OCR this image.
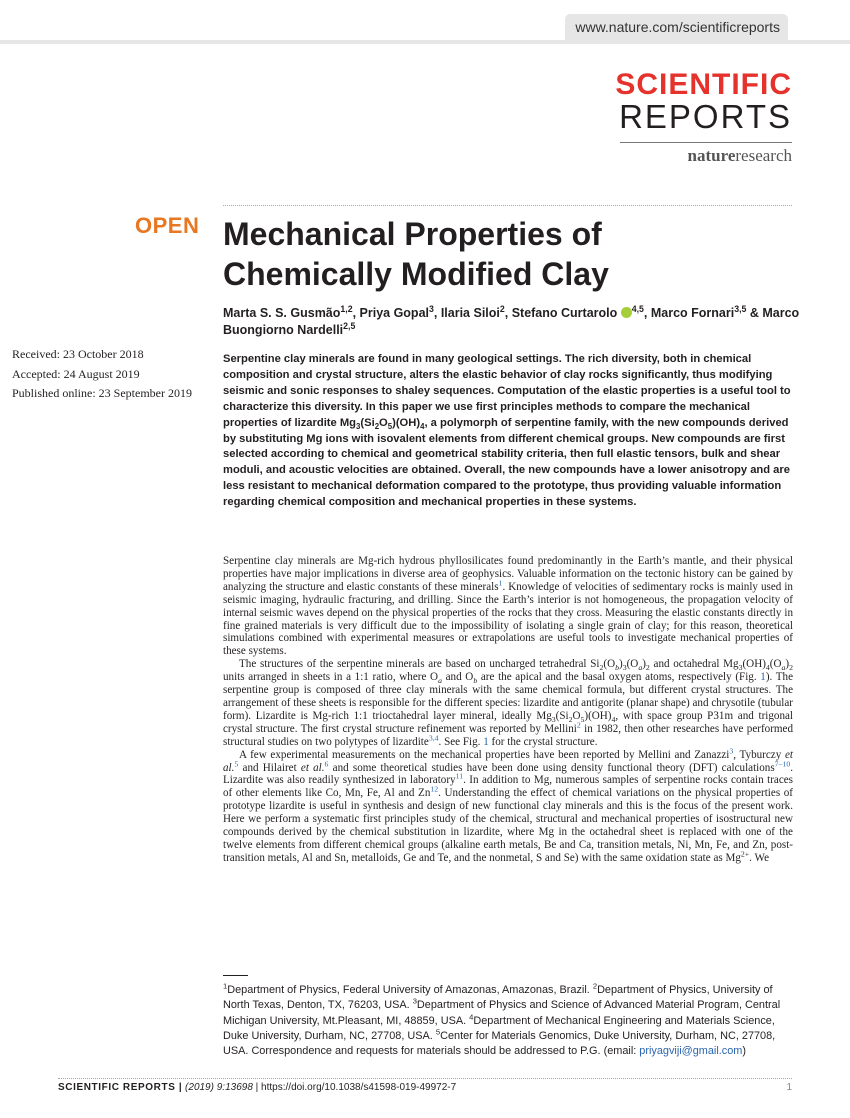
www.nature.com/scientificreports
SCIENTIFIC
REPORTS
natureresearch
OPEN Mechanical Properties of Chemically Modified Clay
Marta S. S. Gusmão$^{1,2}$, Priya Gopal$^3$, Ilaria Siloi$^2$, Stefano Curtarolo $^{4,5}$, Marco Fornari$^{3,5}$ & Marco Buongiorno Nardelli$^{2,5}$
Received: 23 October 2018
Accepted: 24 August 2019
Published online: 23 September 2019
Serpentine clay minerals are found in many geological settings. The rich diversity, both in chemical composition and crystal structure, alters the elastic behavior of clay rocks significantly, thus modifying seismic and sonic responses to shaley sequences. Computation of the elastic properties is a useful tool to characterize this diversity. In this paper we use first principles methods to compare the mechanical properties of lizardite $Mg_3(Si_2O_5)(OH)_4$, a polymorph of serpentine family, with the new compounds derived by substituting Mg ions with isovalent elements from different chemical groups. New compounds are first selected according to chemical and geometrical stability criteria, then full elastic tensors, bulk and shear moduli, and acoustic velocities are obtained. Overall, the new compounds have a lower anisotropy and are less resistant to mechanical deformation compared to the prototype, thus providing valuable information regarding chemical composition and mechanical properties in these systems.

Serpentine clay minerals are Mg-rich hydrous phyllosilicates found predominantly in the Earth’s mantle, and their physical properties have major implications in diverse area of geophysics. Valuable information on the tectonic history can be gained by analyzing the structure and elastic constants of these minerals$^1$. Knowledge of velocities of sedimentary rocks is mainly used in seismic imaging, hydraulic fracturing, and drilling. Since the Earth’s interior is not homogeneous, the propagation velocity of internal seismic waves depend on the physical properties of the rocks that they cross. Measuring the elastic constants directly in fine grained materials is very difficult due to the impossibility of isolating a single grain of clay; for this reason, theoretical simulations combined with experimental measures or extrapolations are useful tools to investigate mechanical properties of these systems.

The structures of the serpentine minerals are based on uncharged tetrahedral $Si_2(O_b)_3(O_a)_2$ and octahedral $Mg_3(OH)_4(O_a)_2$ units arranged in sheets in a 1:1 ratio, where $O_a$ and $O_b$ are the apical and the basal oxygen atoms, respectively (Fig. 1). The serpentine group is composed of three clay minerals with the same chemical formula, but different crystal structures. The arrangement of these sheets is responsible for the different species: lizardite and antigorite (planar shape) and chrysotile (tubular form). Lizardite is Mg-rich 1:1 trioctahedral layer mineral, ideally $Mg_3(Si_2O_5)(OH)_4$, with space group P31m and trigonal crystal structure. The first crystal structure refinement was reported by Mellini$^2$ in 1982, then other researches have performed structural studies on two polytypes of lizardite$^{3,4}$. See Fig. 1 for the crystal structure.

A few experimental measurements on the mechanical properties have been reported by Mellini and Zanazzi$^3$, Tyburczy et al.$^5$ and Hilairet et al.$^6$ and some theoretical studies have been done using density functional theory (DFT) calculations$^{7-10}$. Lizardite was also readily synthesized in laboratory$^{11}$. In addition to Mg, numerous samples of serpentine rocks contain traces of other elements like Co, Mn, Fe, Al and Zn$^{12}$. Understanding the effect of chemical variations on the physical properties of prototype lizardite is useful in synthesis and design of new functional clay minerals and this is the focus of the present work. Here we perform a systematic first principles study of the chemical, structural and mechanical properties of isostructural new compounds derived by the chemical substitution in lizardite, where Mg in the octahedral sheet is replaced with one of the twelve elements from different chemical groups (alkaline earth metals, Be and Ca, transition metals, Ni, Mn, Fe, and Zn, post-transition metals, Al and Sn, metalloids, Ge and Te, and the nonmetal, S and Se) with the same oxidation state as $Mg^{2+}$. We

$^1$Department of Physics, Federal University of Amazonas, Amazonas, Brazil. $^2$Department of Physics, University of North Texas, Denton, TX, 76203, USA. $^3$Department of Physics and Science of Advanced Material Program, Central Michigan University, Mt.Pleasant, MI, 48859, USA. $^4$Department of Mechanical Engineering and Materials Science, Duke University, Durham, NC, 27708, USA. $^5$Center for Materials Genomics, Duke University, Durham, NC, 27708, USA. Correspondence and requests for materials should be addressed to P.G. (email: priyagviji@gmail.com)
SCIENTIFIC REPORTS | (2019) 9:13698 | https://doi.org/10.1038/s41598-019-49972-7	1
